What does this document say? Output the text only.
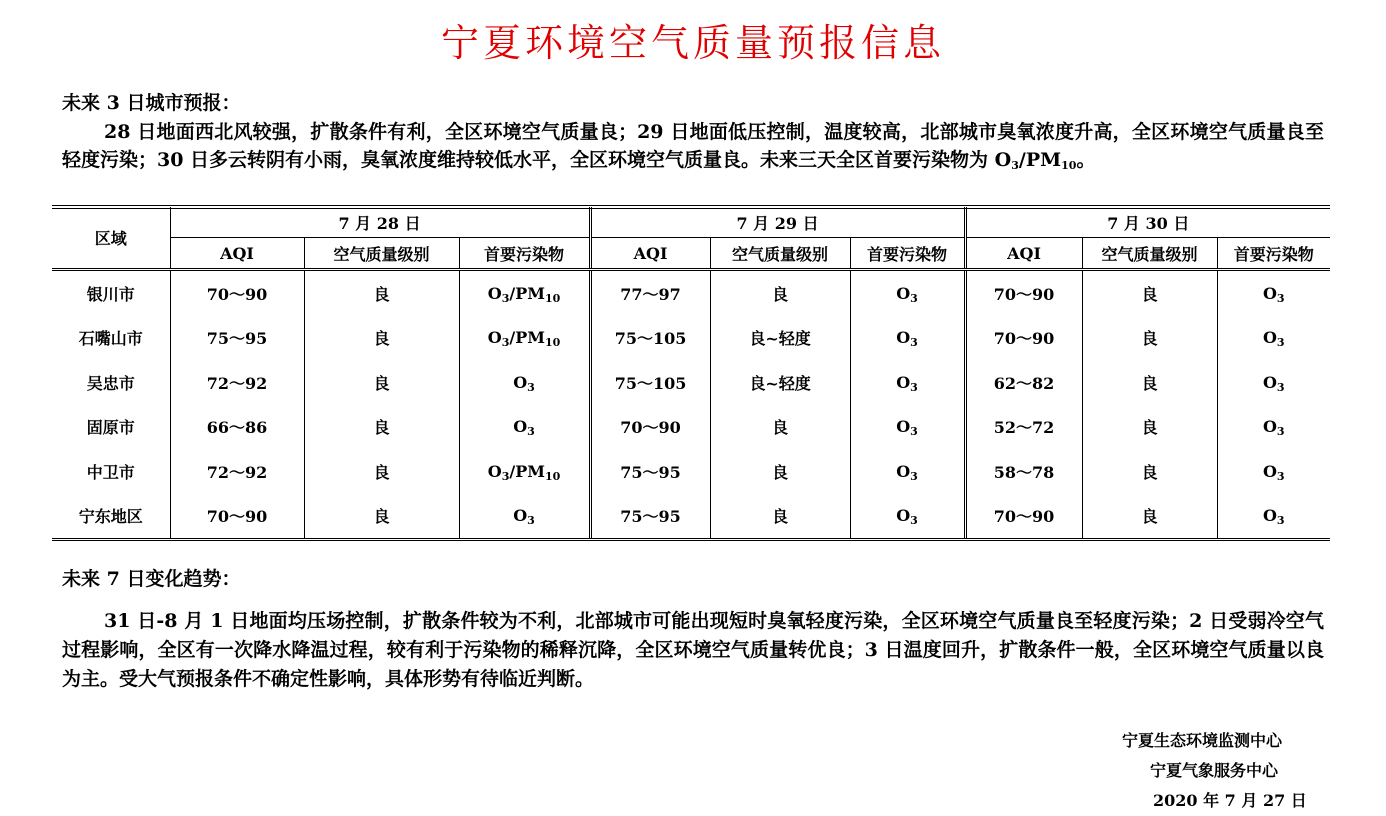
宁夏环境空气质量预报信息
未来 3 日城市预报：
28 日地面西北风较强，扩散条件有利，全区环境空气质量良；29 日地面低压控制，温度较高，北部城市臭氧浓度升高，全区环境空气质量良至轻度污染；30 日多云转阴有小雨，臭氧浓度维持较低水平，全区环境空气质量良。未来三天全区首要污染物为 $O_3/PM_{10}$。
区域	7 月 28 日			7 月 29 日			7 月 30 日		
	AQI	空气质量级别	首要污染物	AQI	空气质量级别	首要污染物	AQI	空气质量级别	首要污染物
银川市	70～90	良	$O_3/PM_{10}$	77～97	良	$O_3$	70～90	良	$O_3$
石嘴山市	75～95	良	$O_3/PM_{10}$	75～105	良~轻度	$O_3$	70～90	良	$O_3$
吴忠市	72～92	良	$O_3$	75～105	良~轻度	$O_3$	62～82	良	$O_3$
固原市	66～86	良	$O_3$	70～90	良	$O_3$	52～72	良	$O_3$
中卫市	72～92	良	$O_3/PM_{10}$	75～95	良	$O_3$	58～78	良	$O_3$
宁东地区	70～90	良	$O_3$	75～95	良	$O_3$	70～90	良	$O_3$
未来 7 日变化趋势：
31 日-8 月 1 日地面均压场控制，扩散条件较为不利，北部城市可能出现短时臭氧轻度污染，全区环境空气质量良至轻度污染；2 日受弱冷空气过程影响，全区有一次降水降温过程，较有利于污染物的稀释沉降，全区环境空气质量转优良；3 日温度回升，扩散条件一般，全区环境空气质量以良为主。受大气预报条件不确定性影响，具体形势有待临近判断。
宁夏生态环境监测中心
宁夏气象服务中心
2020 年 7 月 27 日
